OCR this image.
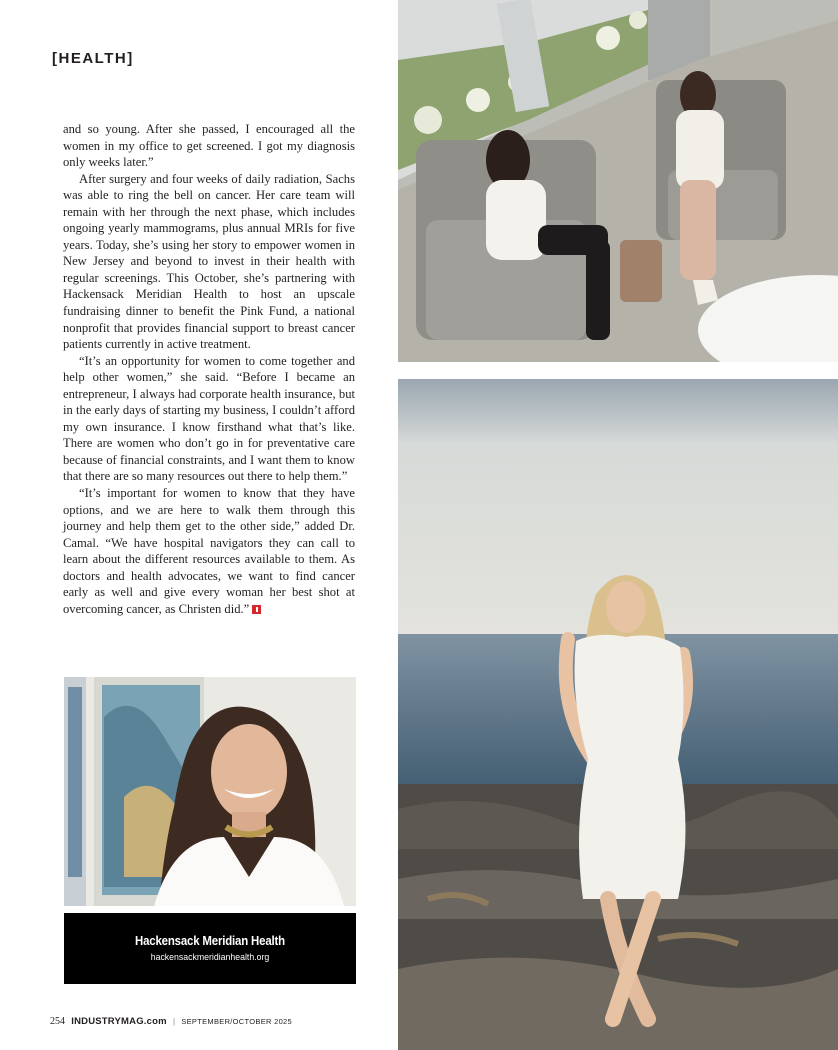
[HEALTH]

and so young. After she passed, I encouraged all the women in my office to get screened. I got my diagnosis only weeks later.”

After surgery and four weeks of daily radiation, Sachs was able to ring the bell on cancer. Her care team will remain with her through the next phase, which includes ongoing yearly mammograms, plus annual MRIs for five years. Today, she’s using her story to empower women in New Jersey and beyond to invest in their health with regular screenings. This October, she’s partnering with Hackensack Meridian Health to host an upscale fundraising dinner to benefit the Pink Fund, a national nonprofit that provides financial support to breast cancer patients currently in active treatment.

“It’s an opportunity for women to come together and help other women,” she said. “Before I became an entrepreneur, I always had corporate health insurance, but in the early days of starting my business, I couldn’t afford my own insurance. I know firsthand what that’s like. There are women who don’t go in for preventative care because of financial constraints, and I want them to know that there are so many resources out there to help them.”

“It’s important for women to know that they have options, and we are here to walk them through this journey and help them get to the other side,” added Dr. Camal. “We have hospital navigators they can call to learn about the different resources available to them. As doctors and health advocates, we want to find cancer early as well and give every woman her best shot at overcoming cancer, as Christen did.”

Hackensack Meridian Health
hackensackmeridianhealth.org
254 INDUSTRYMAG.com | SEPTEMBER/OCTOBER 2025
